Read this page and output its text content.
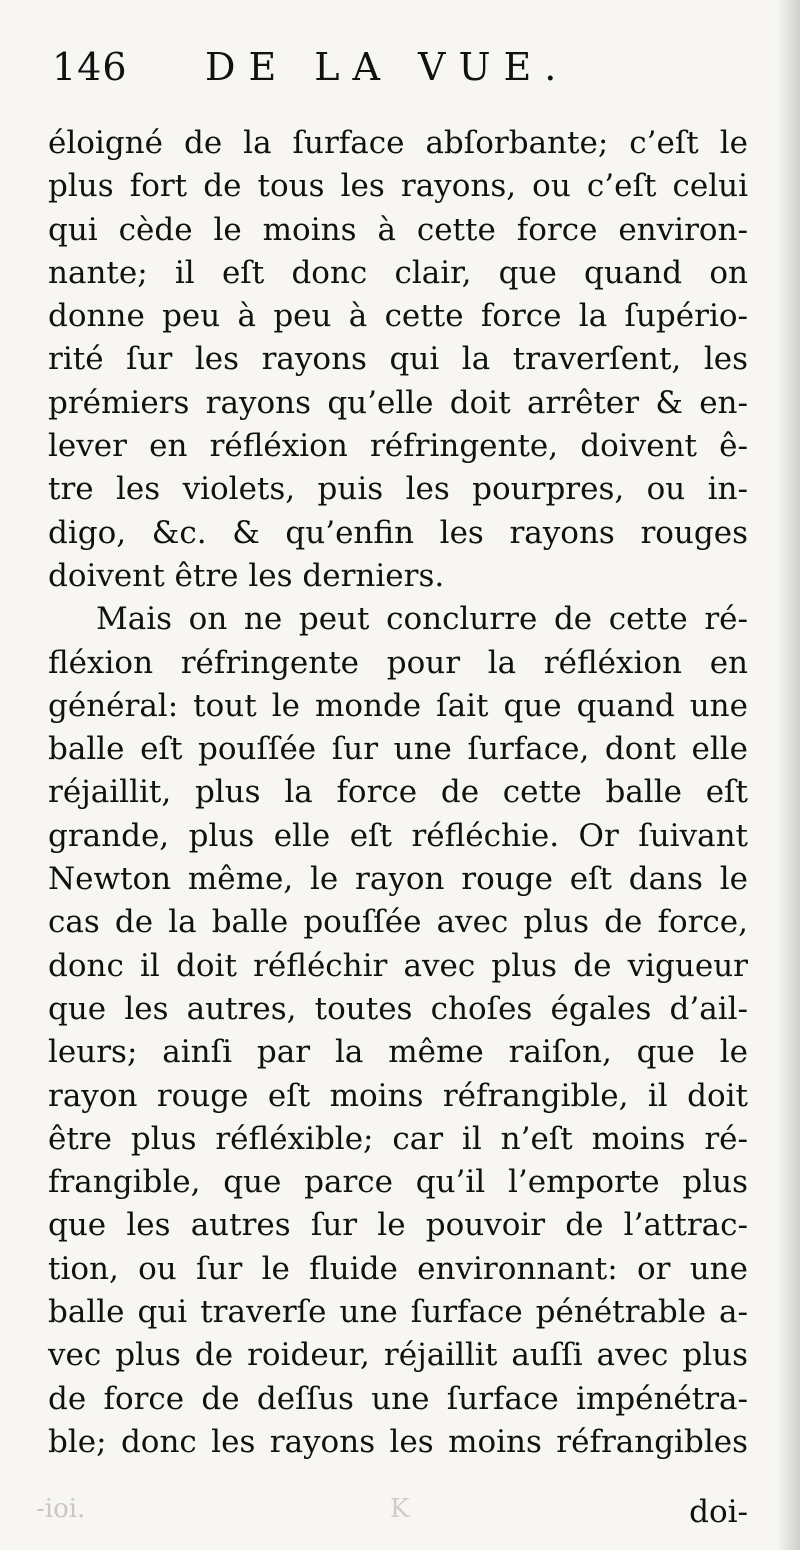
146 DE LA VUE.
éloigné de la ſurface abſorbante; c’eſt le
plus fort de tous les rayons, ou c’eſt celui
qui cède le moins à cette force environ-
nante; il eſt donc clair, que quand on
donne peu à peu à cette force la ſupério-
rité ſur les rayons qui la traverſent, les
prémiers rayons qu’elle doit arrêter & en-
lever en réfléxion réfringente, doivent ê-
tre les violets, puis les pourpres, ou in-
digo, &c. & qu’enfin les rayons rouges
doivent être les derniers.
Mais on ne peut conclurre de cette ré-
fléxion réfringente pour la réfléxion en
général: tout le monde ſait que quand une
balle eſt pouſſée ſur une ſurface, dont elle
réjaillit, plus la force de cette balle eſt
grande, plus elle eſt réfléchie. Or ſuivant
Newton même, le rayon rouge eſt dans le
cas de la balle pouſſée avec plus de force,
donc il doit réfléchir avec plus de vigueur
que les autres, toutes choſes égales d’ail-
leurs; ainſi par la même raiſon, que le
rayon rouge eſt moins réfrangible, il doit
être plus réfléxible; car il n’eſt moins ré-
frangible, que parce qu’il l’emporte plus
que les autres ſur le pouvoir de l’attrac-
tion, ou ſur le fluide environnant: or une
balle qui traverſe une ſurface pénétrable a-
vec plus de roideur, réjaillit auſſi avec plus
de force de deſſus une ſurface impénétra-
ble; donc les rayons les moins réfrangibles
-ioi.	K	doi-
